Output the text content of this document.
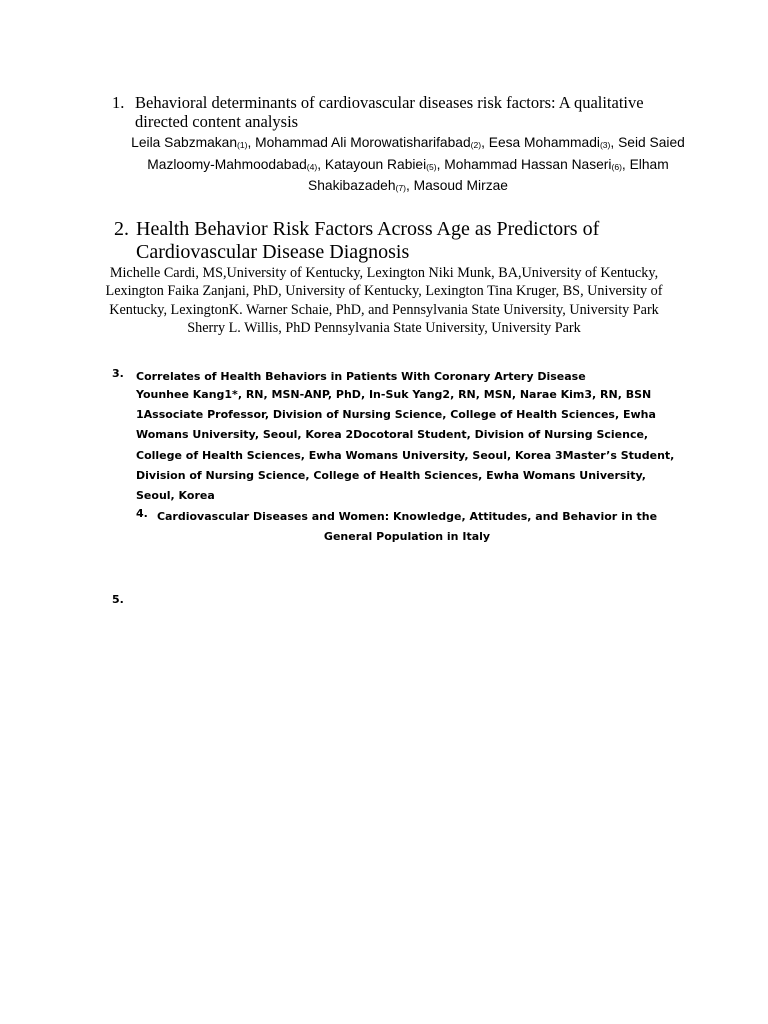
1. Behavioral determinants of cardiovascular diseases risk factors: A qualitative directed content analysis
Leila Sabzmakan$_{(1)}$, Mohammad Ali Morowatisharifabad$_{(2)}$, Eesa Mohammadi$_{(3)}$, Seid Saied Mazloomy-Mahmoodabad$_{(4)}$, Katayoun Rabiei$_{(5)}$, Mohammad Hassan Naseri$_{(6)}$, Elham Shakibazadeh$_{(7)}$, Masoud Mirzae
2. Health Behavior Risk Factors Across Age as Predictors of Cardiovascular Disease Diagnosis
Michelle Cardi, MS,University of Kentucky, Lexington Niki Munk, BA,University of Kentucky, Lexington Faika Zanjani, PhD, University of Kentucky, Lexington Tina Kruger, BS, University of Kentucky, LexingtonK. Warner Schaie, PhD, and Pennsylvania State University, University Park Sherry L. Willis, PhD Pennsylvania State University, University Park
3. Correlates of Health Behaviors in Patients With Coronary Artery Disease
Younhee Kang1*, RN, MSN-ANP, PhD, In-Suk Yang2, RN, MSN, Narae Kim3, RN, BSN 1Associate Professor, Division of Nursing Science, College of Health Sciences, Ewha Womans University, Seoul, Korea 2Docotoral Student, Division of Nursing Science, College of Health Sciences, Ewha Womans University, Seoul, Korea 3Master’s Student, Division of Nursing Science, College of Health Sciences, Ewha Womans University, Seoul, Korea
4. Cardiovascular Diseases and Women: Knowledge, Attitudes, and Behavior in the General Population in Italy
5.
